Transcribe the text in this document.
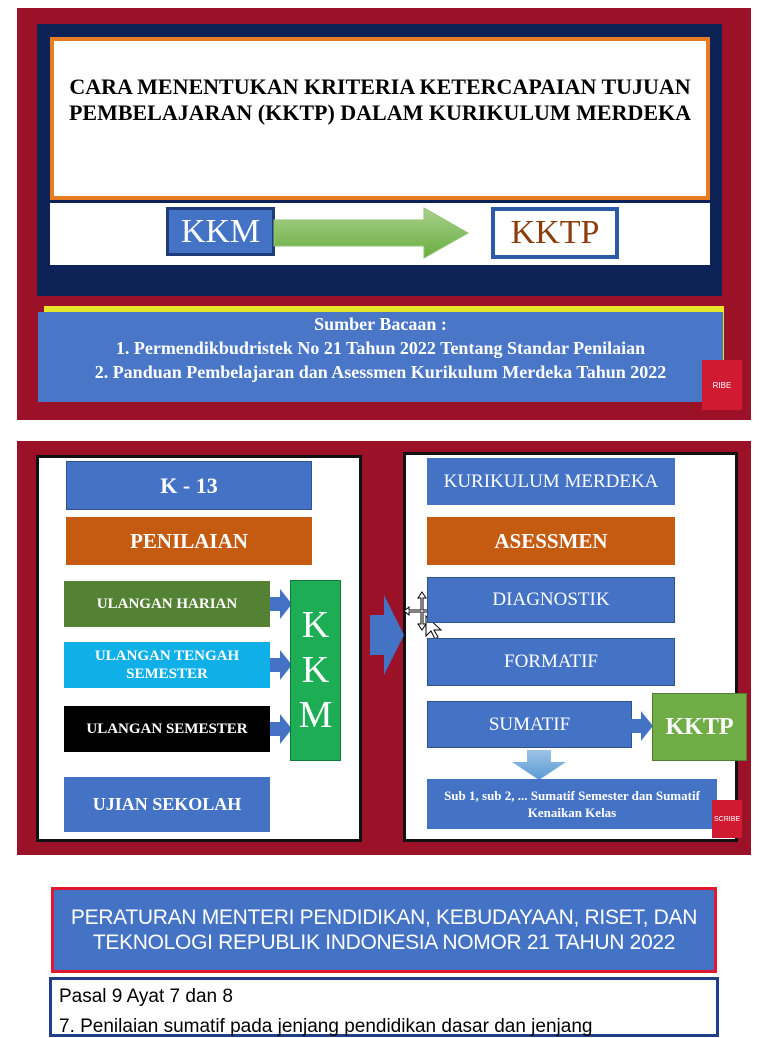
CARA MENENTUKAN KRITERIA KETERCAPAIAN TUJUAN PEMBELAJARAN (KKTP) DALAM KURIKULUM MERDEKA
KKM	KKTP
Sumber Bacaan :
1. Permendikbudristek No 21 Tahun 2022 Tentang Standar Penilaian
2. Panduan Pembelajaran dan Asessmen Kurikulum Merdeka Tahun 2022
RIBE
K - 13
PENILAIAN
ULANGAN HARIAN
ULANGAN TENGAH SEMESTER
ULANGAN SEMESTER
UJIAN SEKOLAH
K
K
M
KURIKULUM MERDEKA
ASESSMEN
DIAGNOSTIK
FORMATIF
SUMATIF	KKTP
Sub 1, sub 2, ... Sumatif Semester dan Sumatif Kenaikan Kelas	SCRIBE
PERATURAN MENTERI PENDIDIKAN, KEBUDAYAAN, RISET, DAN TEKNOLOGI REPUBLIK INDONESIA NOMOR 21 TAHUN 2022
Pasal 9 Ayat 7 dan 8
7. Penilaian sumatif pada jenjang pendidikan dasar dan jenjang
